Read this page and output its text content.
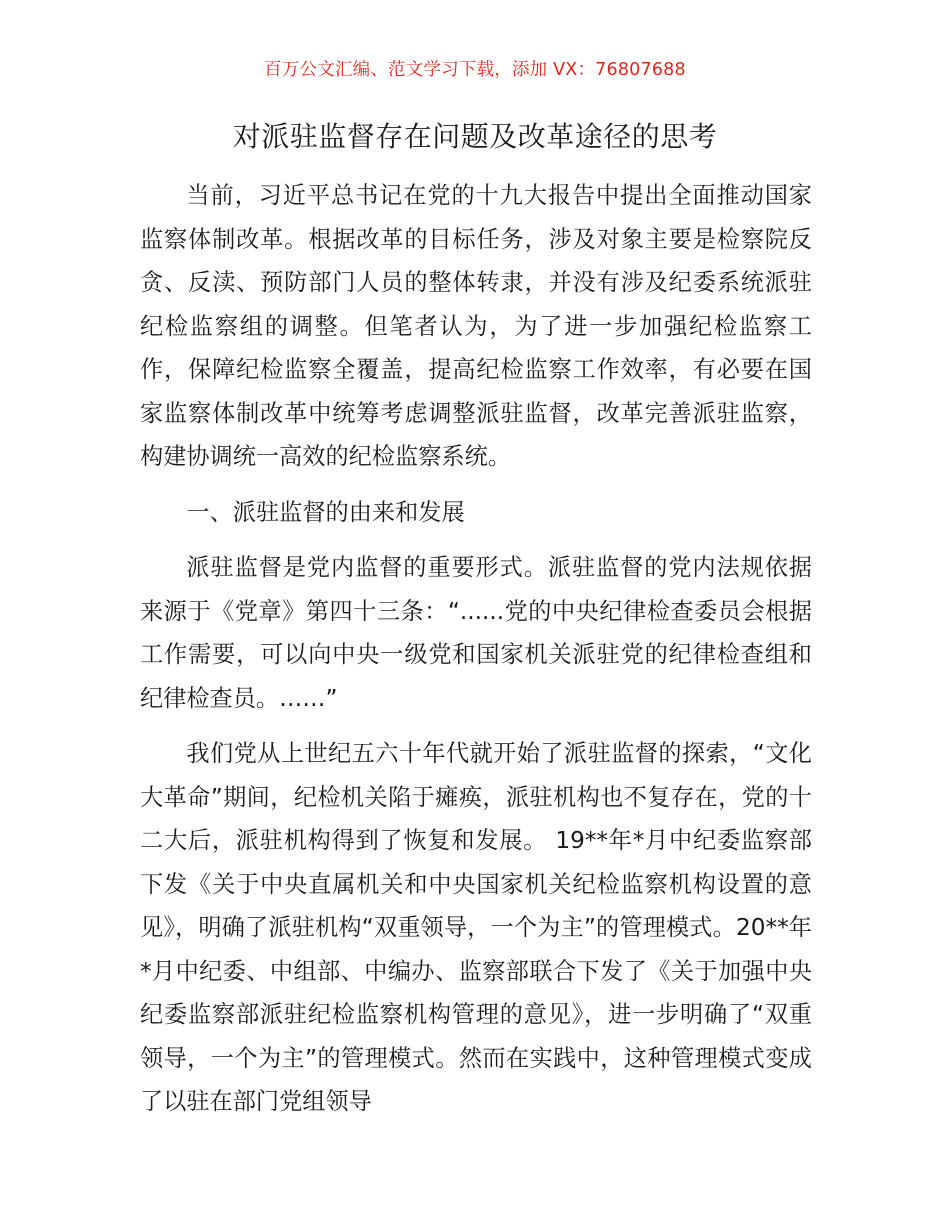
百万公文汇编、范文学习下载，添加 VX：76807688
对派驻监督存在问题及改革途径的思考

当前，习近平总书记在党的十九大报告中提出全面推动国家监察体制改革。根据改革的目标任务，涉及对象主要是检察院反贪、反渎、预防部门人员的整体转隶，并没有涉及纪委系统派驻纪检监察组的调整。但笔者认为，为了进一步加强纪检监察工作，保障纪检监察全覆盖，提高纪检监察工作效率，有必要在国家监察体制改革中统筹考虑调整派驻监督，改革完善派驻监察，构建协调统一高效的纪检监察系统。

一、派驻监督的由来和发展

派驻监督是党内监督的重要形式。派驻监督的党内法规依据来源于《党章》第四十三条：“......党的中央纪律检查委员会根据工作需要，可以向中央一级党和国家机关派驻党的纪律检查组和纪律检查员。……”

我们党从上世纪五六十年代就开始了派驻监督的探索，“文化大革命”期间，纪检机关陷于瘫痪，派驻机构也不复存在，党的十二大后，派驻机构得到了恢复和发展。 19**年*月中纪委监察部下发《关于中央直属机关和中央国家机关纪检监察机构设置的意见》，明确了派驻机构“双重领导，一个为主”的管理模式。20**年*月中纪委、中组部、中编办、监察部联合下发了《关于加强中央纪委监察部派驻纪检监察机构管理的意见》，进一步明确了“双重领导，一个为主”的管理模式。然而在实践中，这种管理模式变成了以驻在部门党组领导
